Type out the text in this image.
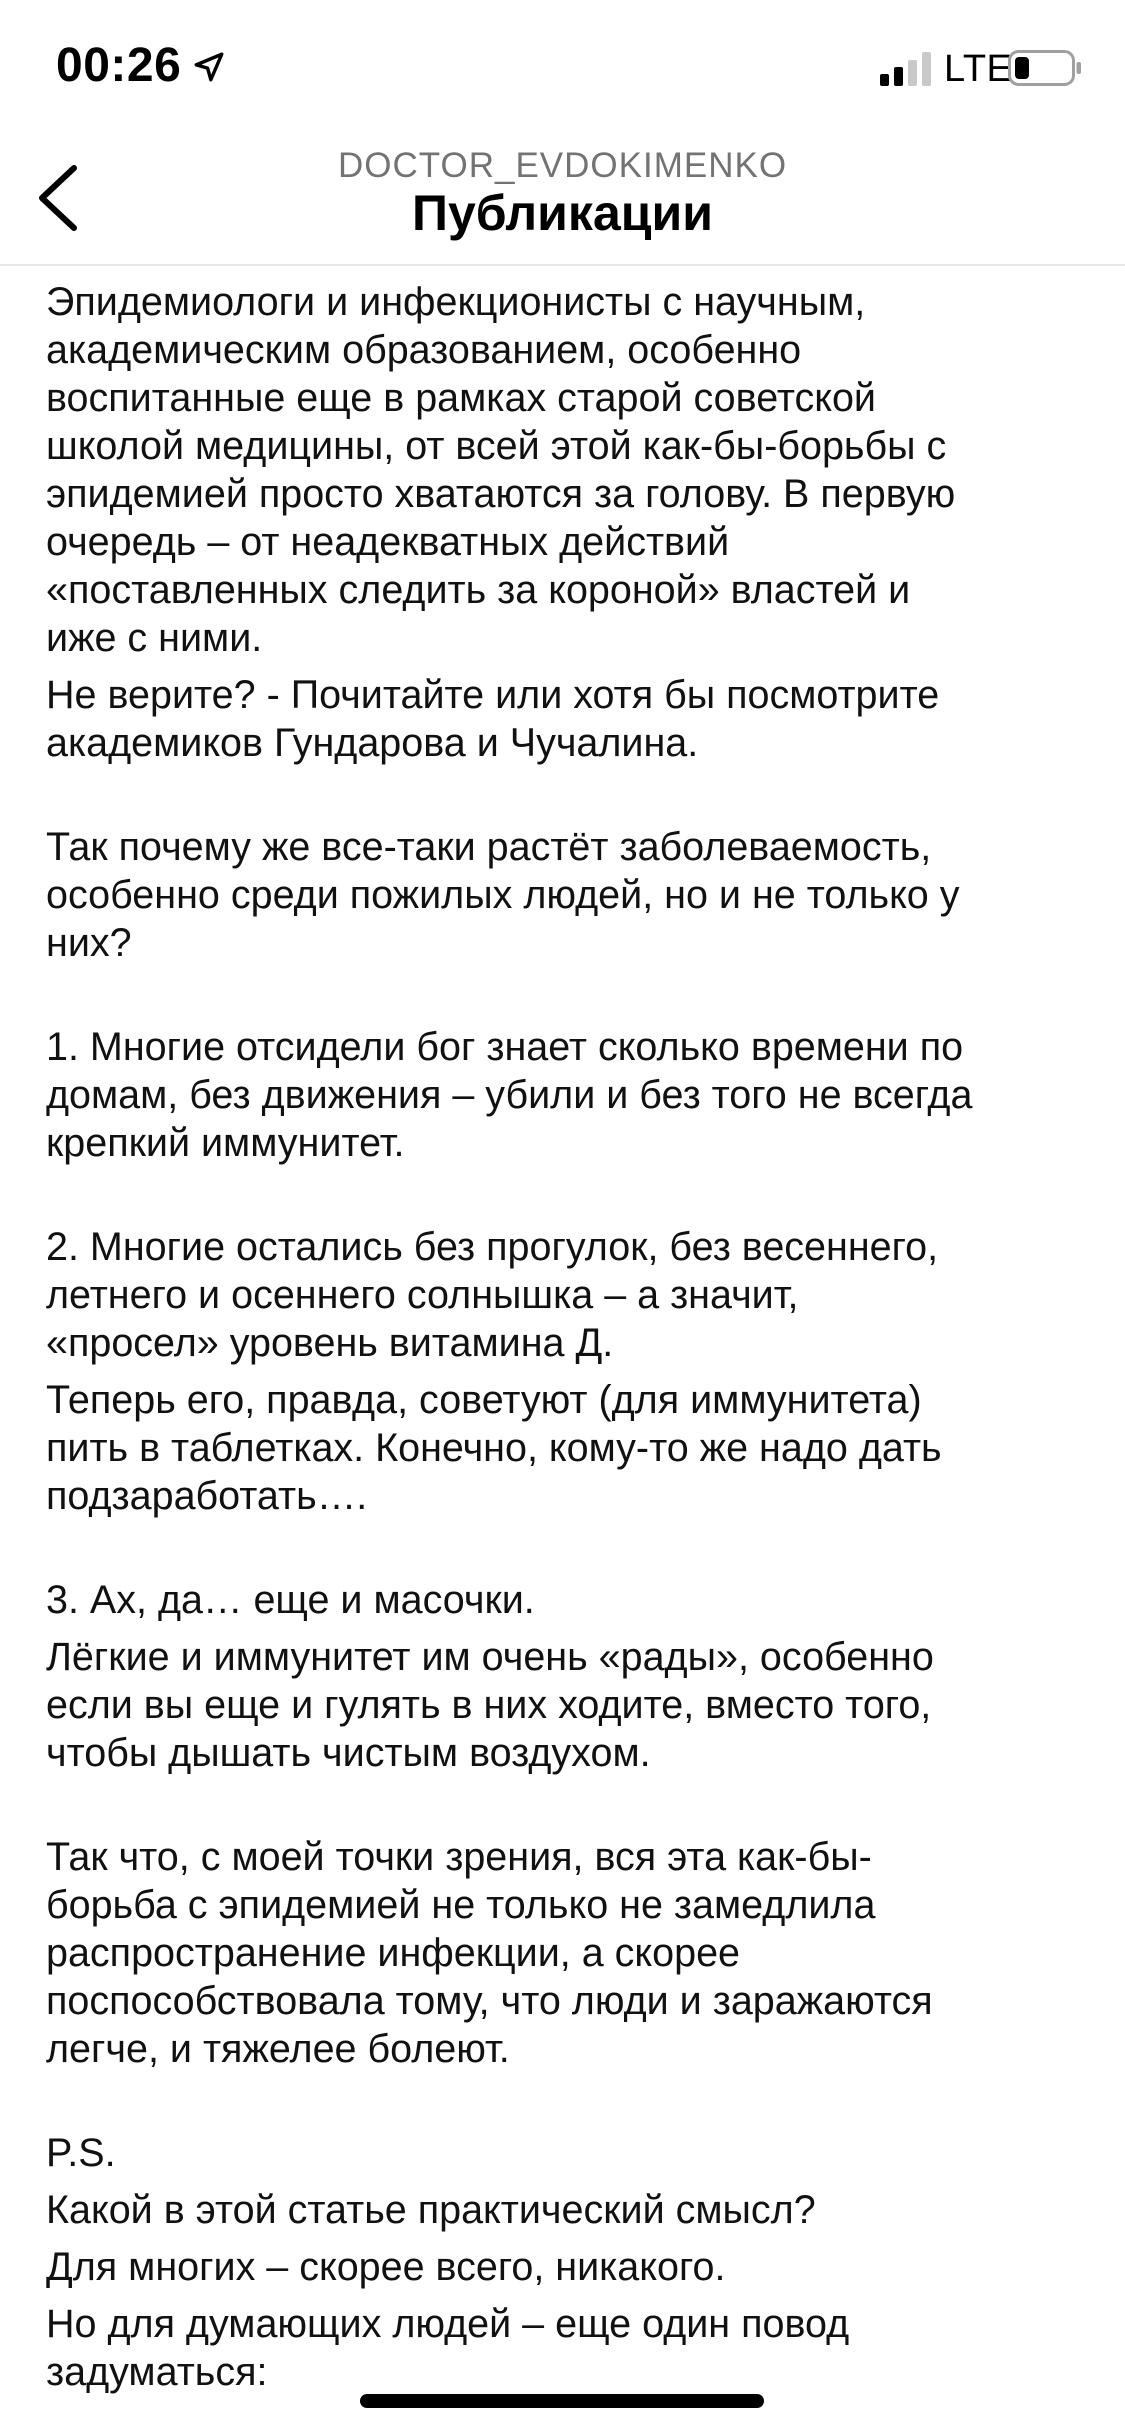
00:26	LTE
DOCTOR_EVDOKIMENKO
Публикации

Эпидемиологи и инфекционисты с научным,
академическим образованием, особенно
воспитанные еще в рамках старой советской
школой медицины, от всей этой как-бы-борьбы с
эпидемией просто хватаются за голову. В первую
очередь – от неадекватных действий
«поставленных следить за короной» властей и
иже с ними.

Не верите? - Почитайте или хотя бы посмотрите
академиков Гундарова и Чучалина.

Так почему же все-таки растёт заболеваемость,
особенно среди пожилых людей, но и не только у
них?

1. Многие отсидели бог знает сколько времени по
домам, без движения – убили и без того не всегда
крепкий иммунитет.

2. Многие остались без прогулок, без весеннего,
летнего и осеннего солнышка – а значит,
«просел» уровень витамина Д.

Теперь его, правда, советуют (для иммунитета)
пить в таблетках. Конечно, кому-то же надо дать
подзаработать….

3. Ах, да… еще и масочки.

Лёгкие и иммунитет им очень «рады», особенно
если вы еще и гулять в них ходите, вместо того,
чтобы дышать чистым воздухом.

Так что, с моей точки зрения, вся эта как-бы-
борьба с эпидемией не только не замедлила
распространение инфекции, а скорее
поспособствовала тому, что люди и заражаются
легче, и тяжелее болеют.

P.S.

Какой в этой статье практический смысл?

Для многих – скорее всего, никакого.

Но для думающих людей – еще один повод
задуматься:
